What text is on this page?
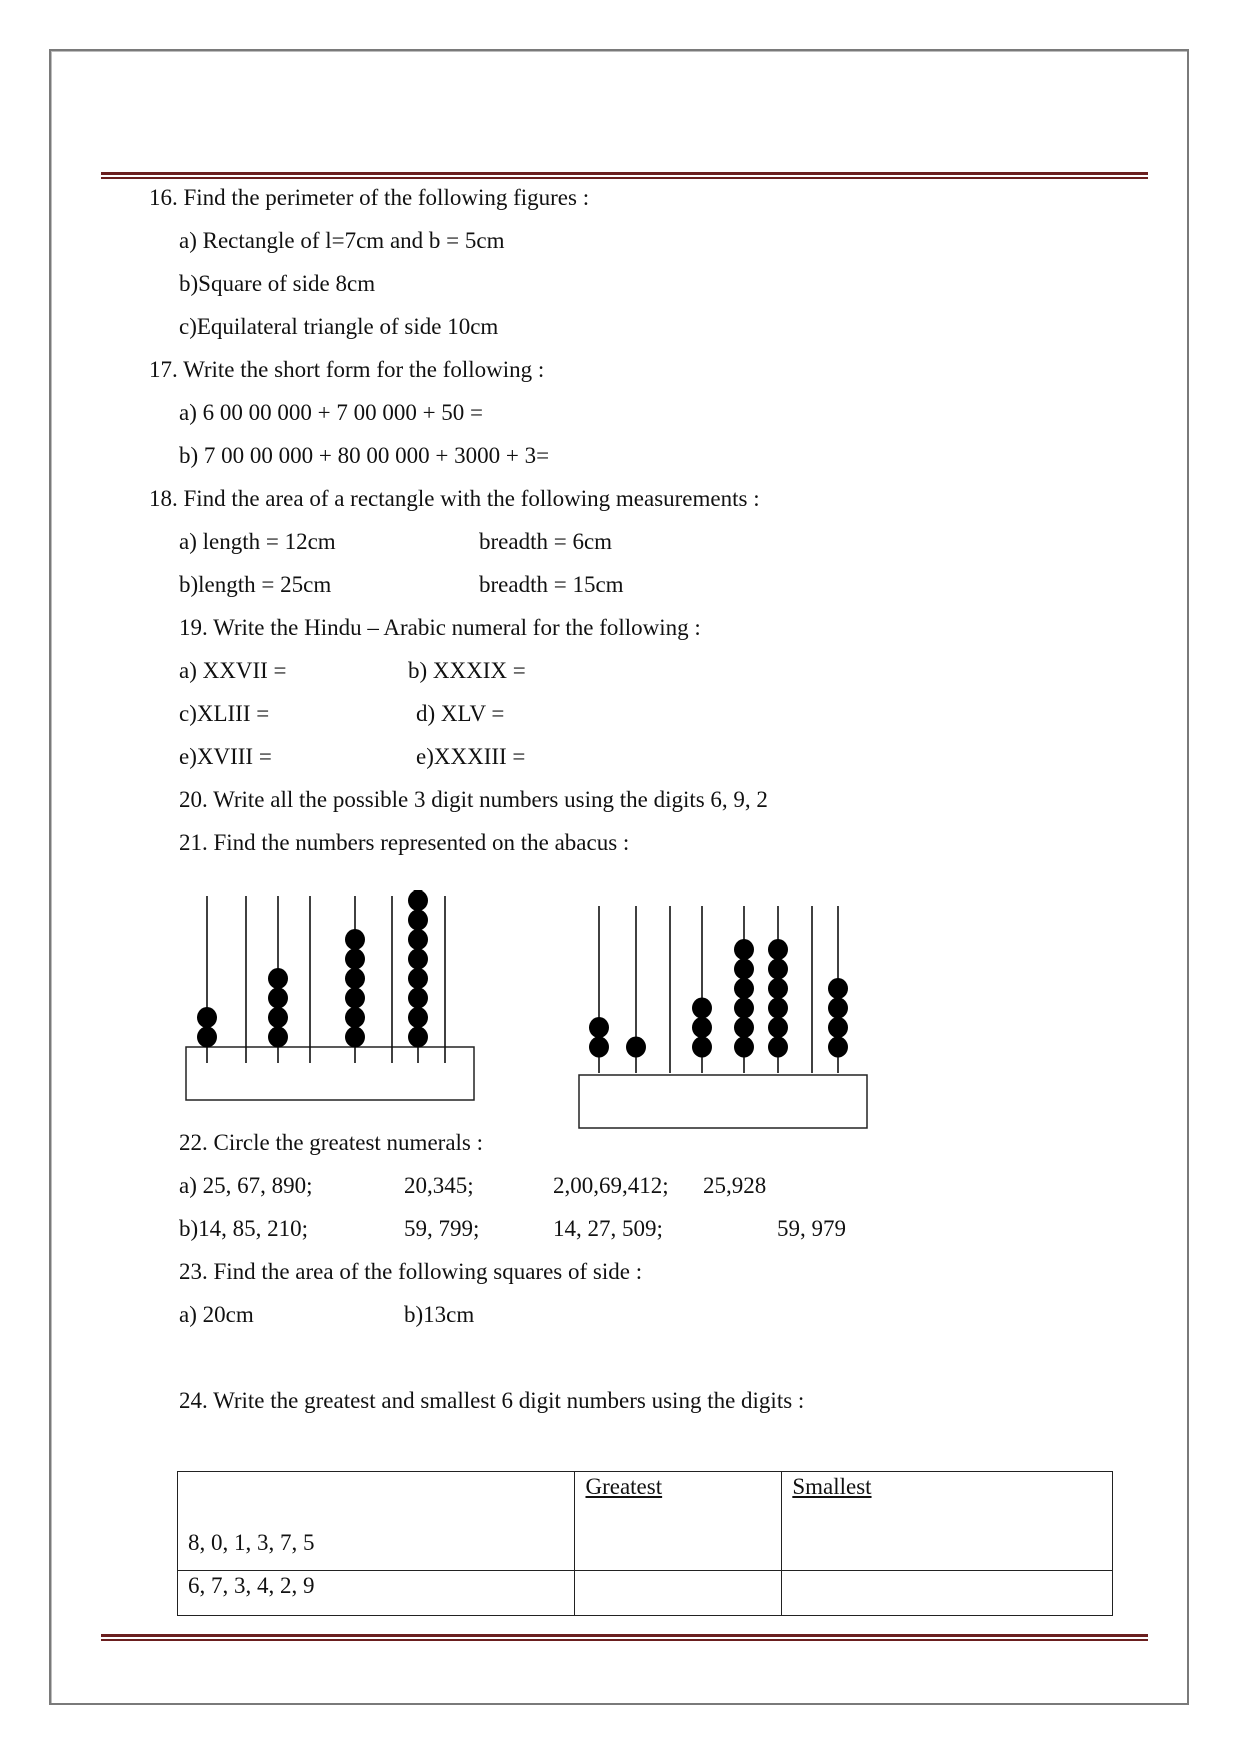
16. Find the perimeter of the following figures :
a) Rectangle of l=7cm and b = 5cm
b)Square of side 8cm
c)Equilateral triangle of side 10cm
17. Write the short form for the following :
a) 6 00 00 000 + 7 00 000 + 50 =
b) 7 00 00 000 + 80 00 000 + 3000 + 3=
18. Find the area of a rectangle with the following measurements :
a) length = 12cm	breadth = 6cm
b)length = 25cm	breadth = 15cm
19. Write the Hindu – Arabic numeral for the following :
a) XXVII =	b) XXXIX =
c)XLIII =	d) XLV =
e)XVIII =	e)XXXIII =
20. Write all the possible 3 digit numbers using the digits 6, 9, 2
21. Find the numbers represented on the abacus :
22. Circle the greatest numerals :
a) 25, 67, 890;	20,345;	2,00,69,412; 25,928
b)14, 85, 210;	59, 799;	14, 27, 509;	59, 979
23. Find the area of the following squares of side :
a) 20cm	b)13cm
24. Write the greatest and smallest 6 digit numbers using the digits :
8, 0, 1, 3, 7, 5	Greatest	Smallest
6, 7, 3, 4, 2, 9		
